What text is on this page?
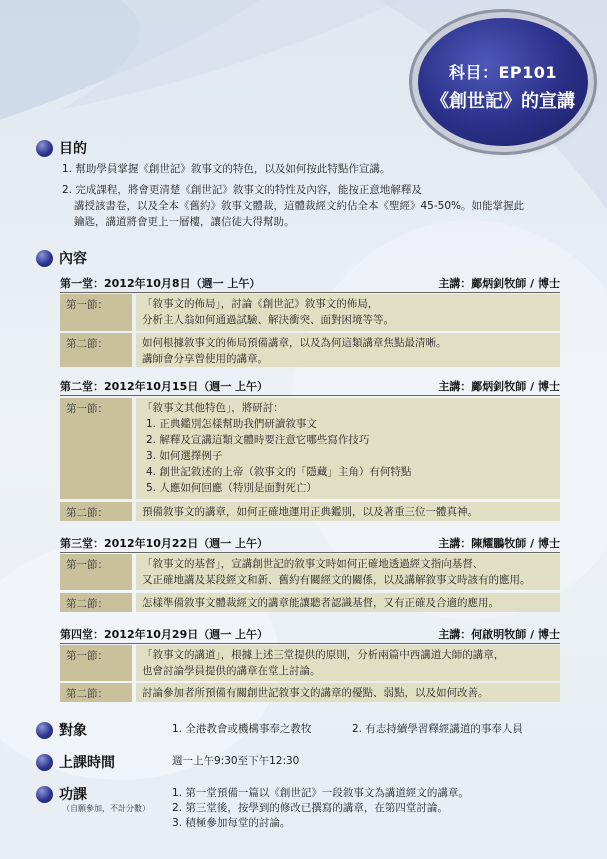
科目：EP101
《創世記》的宣講
目的
1. 幫助學員掌握《創世記》敘事文的特色，以及如何按此特點作宣講。
2. 完成課程，將會更清楚《創世記》敘事文的特性及內容，能按正意地解釋及
講授該書卷，以及全本《舊約》敘事文體裁，這體裁經文約佔全本《聖經》45-50%。如能掌握此
鑰匙，講道將會更上一層樓，讓信徒大得幫助。
內容
第一堂：2012年10月8日（週一 上午）	主講：鄺炳釗牧師 / 博士
第一節：	「敘事文的佈局」，討論《創世記》敘事文的佈局，
分析主人翁如何通過試驗、解決衝突、面對困境等等。
第二節：	如何根據敘事文的佈局預備講章，以及為何這類講章焦點最清晰。
講師會分享曾使用的講章。
第二堂：2012年10月15日（週一 上午）	主講：鄺炳釗牧師 / 博士
第一節：	「敘事文其他特色」，將研討：
1. 正典鑑別怎樣幫助我們研讀敘事文
2. 解釋及宣講這類文體時要注意它哪些寫作技巧
3. 如何選擇例子
4. 創世記敘述的上帝（敘事文的「隱藏」主角）有何特點
5. 人應如何回應（特別是面對死亡）
第二節：	預備敘事文的講章，如何正確地運用正典鑑別，以及著重三位一體真神。
第三堂：2012年10月22日（週一 上午）	主講：陳耀鵬牧師 / 博士
第一節：	「敘事文的基督」，宣講創世記的敘事文時如何正確地透過經文指向基督、
又正確地講及某段經文和新、舊約有關經文的關係，以及講解敘事文時該有的應用。
第二節：	怎樣準備敘事文體裁經文的講章能讓聽者認識基督，又有正確及合適的應用。
第四堂：2012年10月29日（週一 上午）	主講：何啟明牧師 / 博士
第一節：	「敘事文的講道」，根據上述三堂提供的原則，分析兩篇中西講道大師的講章，
也會討論學員提供的講章在堂上討論。
第二節：	討論參加者所預備有關創世記敘事文的講章的優點、弱點，以及如何改善。
對象	1. 全港教會或機構事奉之教牧	2. 有志持續學習釋經講道的事奉人員
上課時間	週一上午9:30至下午12:30
功課
（自願參加，不計分數）
1. 第一堂預備一篇以《創世記》一段敘事文為講道經文的講章。
2. 第三堂後，按學到的修改已撰寫的講章，在第四堂討論。
3. 積極參加每堂的討論。
